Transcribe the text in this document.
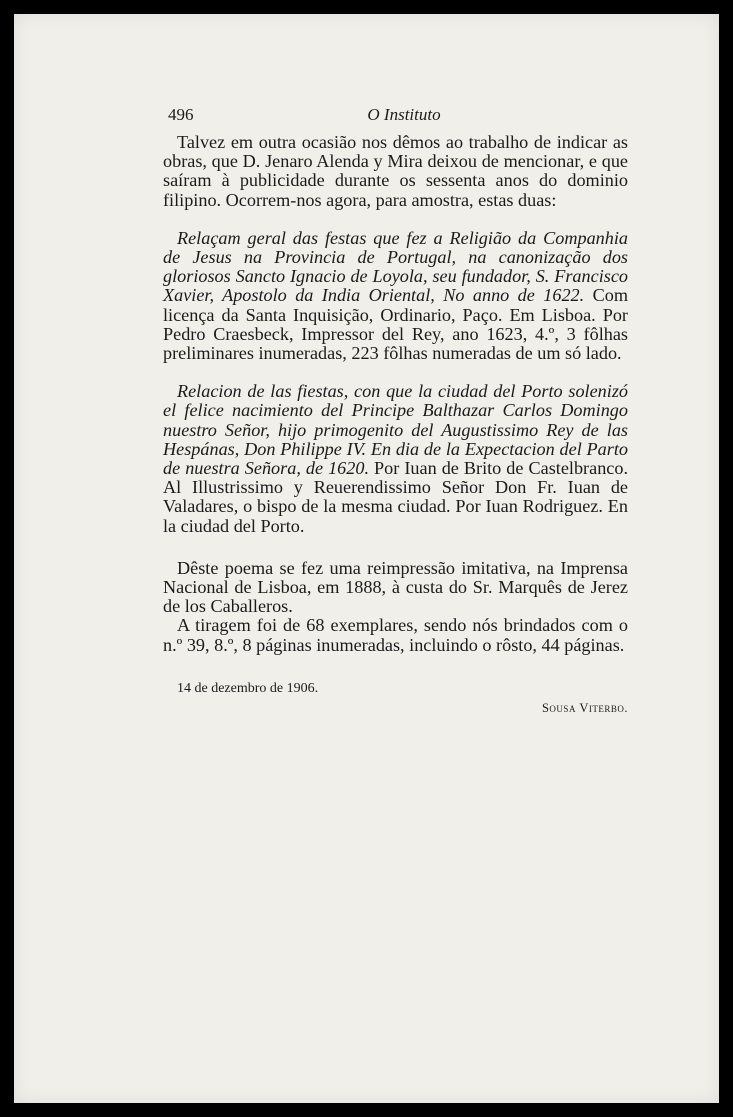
496	O Instituto

Talvez em outra ocasião nos dêmos ao trabalho de indicar as obras, que D. Jenaro Alenda y Mira deixou de mencionar, e que saíram à publicidade durante os sessenta anos do dominio filipino. Ocorrem-nos agora, para amostra, estas duas:

Relaçam geral das festas que fez a Religião da Companhia de Jesus na Provincia de Portugal, na canonização dos gloriosos Sancto Ignacio de Loyola, seu fundador, S. Francisco Xavier, Apostolo da India Oriental, No anno de 1622. Com licença da Santa Inquisição, Ordinario, Paço. Em Lisboa. Por Pedro Craesbeck, Impressor del Rey, ano 1623, 4.º, 3 fôlhas preliminares inumeradas, 223 fôlhas numeradas de um só lado.

Relacion de las fiestas, con que la ciudad del Porto solenizó el felice nacimiento del Principe Balthazar Carlos Domingo nuestro Señor, hijo primogenito del Augustissimo Rey de las Hespánas, Don Philippe IV. En dia de la Expectacion del Parto de nuestra Señora, de 1620. Por Iuan de Brito de Castelbranco. Al Illustrissimo y Reuerendissimo Señor Don Fr. Iuan de Valadares, o bispo de la mesma ciudad. Por Iuan Rodriguez. En la ciudad del Porto.

Dêste poema se fez uma reimpressão imitativa, na Imprensa Nacional de Lisboa, em 1888, à custa do Sr. Marquês de Jerez de los Caballeros.

A tiragem foi de 68 exemplares, sendo nós brindados com o n.º 39, 8.º, 8 páginas inumeradas, incluindo o rôsto, 44 páginas.

14 de dezembro de 1906.

Sousa Viterbo.
